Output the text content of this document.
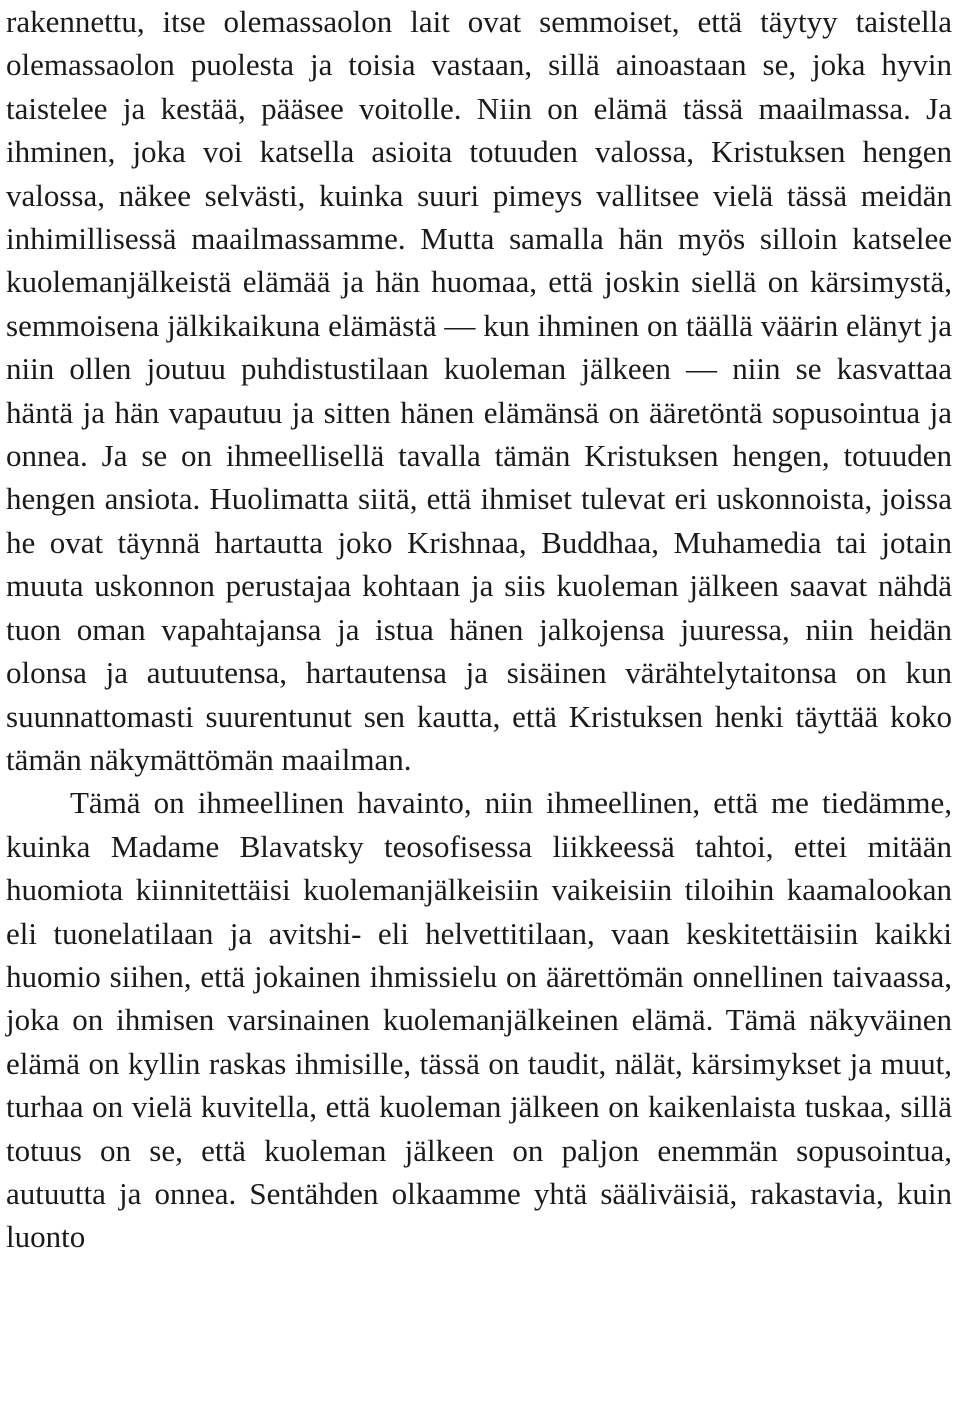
rakennettu, itse olemassaolon lait ovat semmoiset, että täytyy taistella olemassaolon puolesta ja toisia vastaan, sillä ainoastaan se, joka hyvin taistelee ja kestää, pääsee voitolle. Niin on elämä tässä maailmassa. Ja ihminen, joka voi katsella asioita totuuden valossa, Kristuksen hengen valossa, näkee selvästi, kuinka suuri pimeys vallitsee vielä tässä meidän inhimillisessä maailmassamme. Mutta samalla hän myös silloin katselee kuolemanjälkeistä elämää ja hän huomaa, että joskin siellä on kärsimystä, semmoisena jälkikaikuna elämästä — kun ihminen on täällä väärin elänyt ja niin ollen joutuu puhdistustilaan kuoleman jälkeen — niin se kasvattaa häntä ja hän vapautuu ja sitten hänen elämänsä on ääretöntä sopusointua ja onnea. Ja se on ihmeellisellä tavalla tämän Kristuksen hengen, totuuden hengen ansiota. Huolimatta siitä, että ihmiset tulevat eri uskonnoista, joissa he ovat täynnä hartautta joko Krishnaa, Buddhaa, Muhamedia tai jotain muuta uskonnon perustajaa kohtaan ja siis kuoleman jälkeen saavat nähdä tuon oman vapahtajansa ja istua hänen jalkojensa juuressa, niin heidän olonsa ja autuutensa, hartautensa ja sisäinen värähtelytaitonsa on kun suunnattomasti suurentunut sen kautta, että Kristuksen henki täyttää koko tämän näkymättömän maailman.

Tämä on ihmeellinen havainto, niin ihmeellinen, että me tiedämme, kuinka Madame Blavatsky teosofisessa liikkeessä tahtoi, ettei mitään huomiota kiinnitettäisi kuolemanjälkeisiin vaikeisiin tiloihin kaamalookan eli tuonelatilaan ja avitshi- eli helvettitilaan, vaan keskitettäisiin kaikki huomio siihen, että jokainen ihmissielu on äärettömän onnellinen taivaassa, joka on ihmisen varsinainen kuolemanjälkeinen elämä. Tämä näkyväinen elämä on kyllin raskas ihmisille, tässä on taudit, nälät, kärsimykset ja muut, turhaa on vielä kuvitella, että kuoleman jälkeen on kaikenlaista tuskaa, sillä totuus on se, että kuoleman jälkeen on paljon enemmän sopusointua, autuutta ja onnea. Sentähden olkaamme yhtä sääliväisiä, rakastavia, kuin luonto
